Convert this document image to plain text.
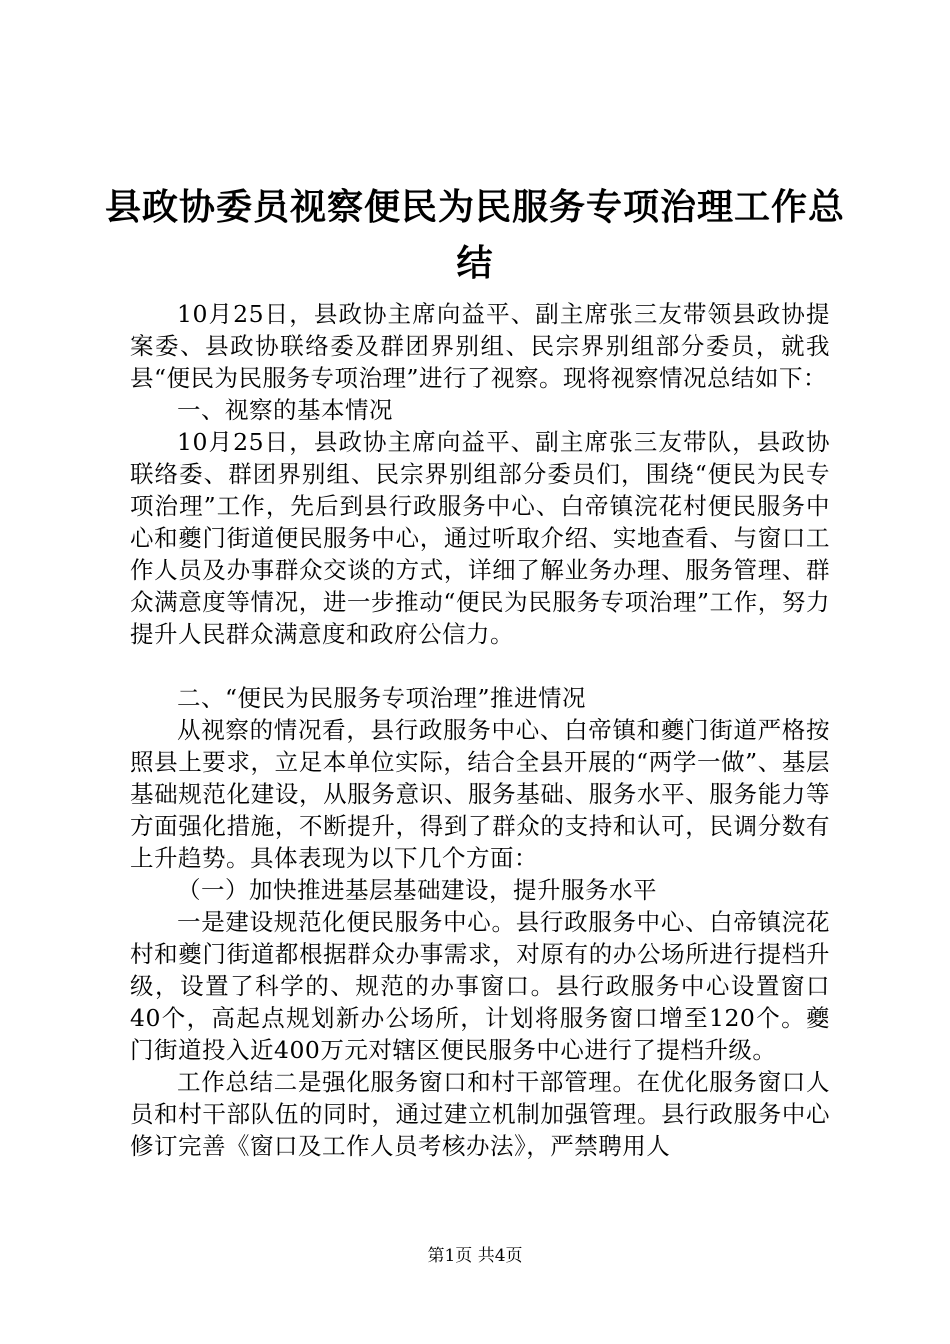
县政协委员视察便民为民服务专项治理工作总
结

10月25日，县政协主席向益平、副主席张三友带领县政协提案委、县政协联络委及群团界别组、民宗界别组部分委员，就我县“便民为民服务专项治理”进行了视察。现将视察情况总结如下：

一、视察的基本情况

10月25日，县政协主席向益平、副主席张三友带队，县政协联络委、群团界别组、民宗界别组部分委员们，围绕“便民为民专项治理”工作，先后到县行政服务中心、白帝镇浣花村便民服务中心和夔门街道便民服务中心，通过听取介绍、实地查看、与窗口工作人员及办事群众交谈的方式，详细了解业务办理、服务管理、群众满意度等情况，进一步推动“便民为民服务专项治理”工作，努力提升人民群众满意度和政府公信力。

二、“便民为民服务专项治理”推进情况

从视察的情况看，县行政服务中心、白帝镇和夔门街道严格按照县上要求，立足本单位实际，结合全县开展的“两学一做”、基层基础规范化建设，从服务意识、服务基础、服务水平、服务能力等方面强化措施，不断提升，得到了群众的支持和认可，民调分数有上升趋势。具体表现为以下几个方面：

（一）加快推进基层基础建设，提升服务水平

一是建设规范化便民服务中心。县行政服务中心、白帝镇浣花村和夔门街道都根据群众办事需求，对原有的办公场所进行提档升级，设置了科学的、规范的办事窗口。县行政服务中心设置窗口40个，高起点规划新办公场所，计划将服务窗口增至120个。夔门街道投入近400万元对辖区便民服务中心进行了提档升级。

工作总结二是强化服务窗口和村干部管理。在优化服务窗口人员和村干部队伍的同时，通过建立机制加强管理。县行政服务中心修订完善《窗口及工作人员考核办法》，严禁聘用人

第1页 共4页
